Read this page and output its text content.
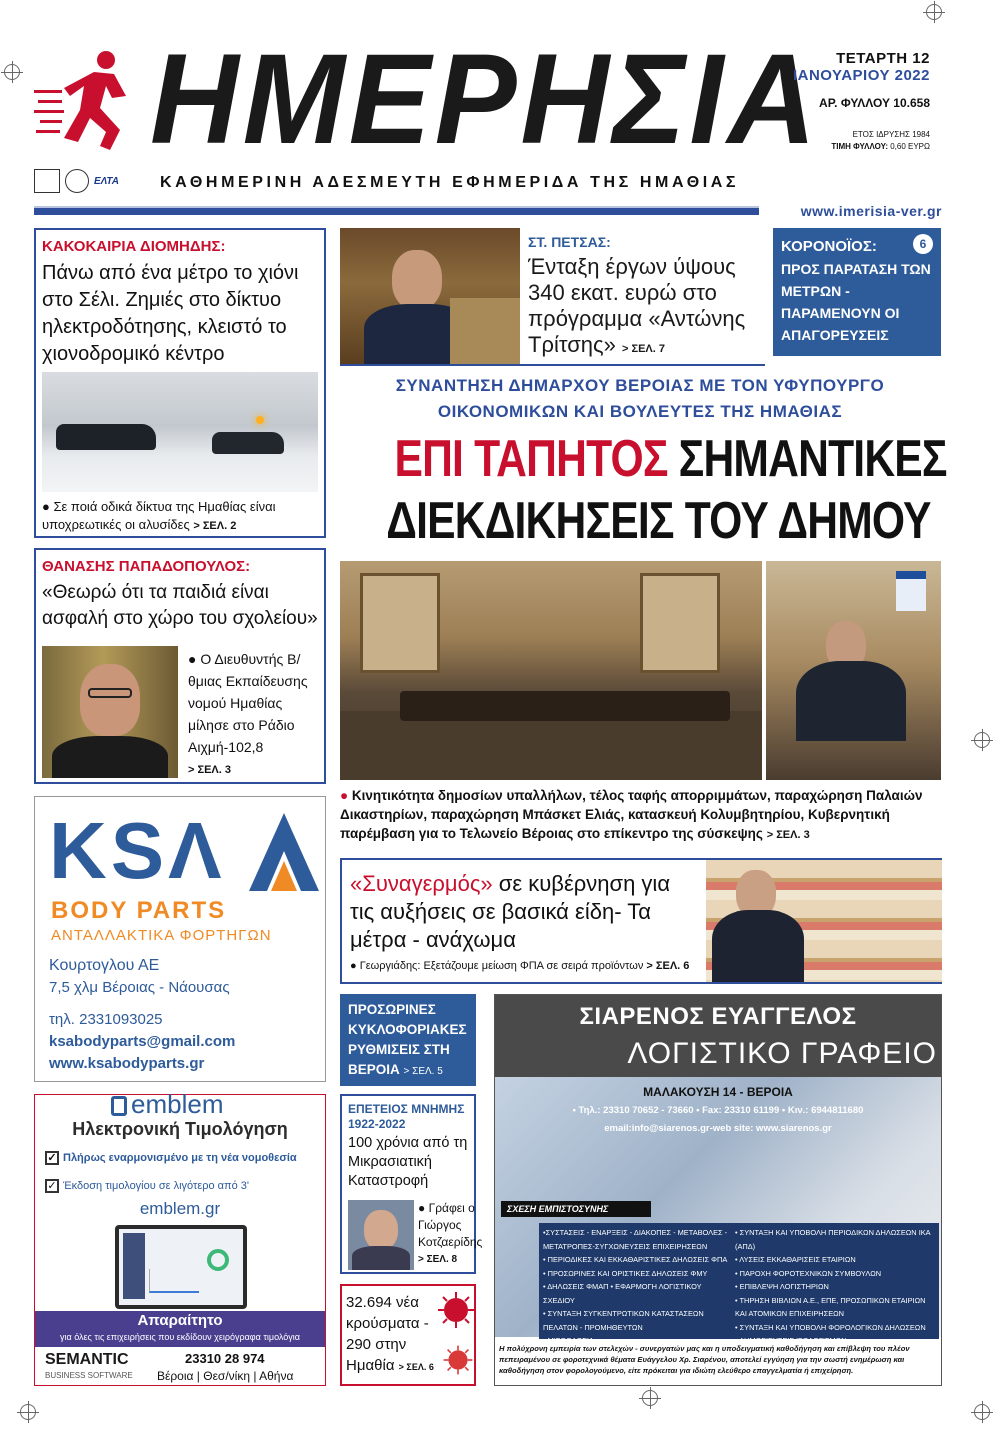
ΗΜΕΡΗΣΙΑ
ΕΛΤΑ	ΚΑΘΗΜΕΡΙΝΗ ΑΔΕΣΜΕΥΤΗ ΕΦΗΜΕΡΙΔΑ ΤΗΣ ΗΜΑΘΙΑΣ
ΤΕΤΑΡΤΗ 12
ΙΑΝΟΥΑΡΙΟΥ 2022
ΑΡ. ΦΥΛΛΟΥ 10.658
ΕΤΟΣ ΙΔΡΥΣΗΣ 1984
ΤΙΜΗ ΦΥΛΛΟΥ: 0,60 ΕΥΡΩ
www.imerisia-ver.gr
ΚΑΚΟΚΑΙΡΙΑ ΔΙΟΜΗΔΗΣ:
Πάνω από ένα μέτρο το χιόνι στο Σέλι. Ζημιές στο δίκτυο ηλεκτροδότησης, κλειστό το χιονοδρομικό κέντρο
● Σε ποιά οδικά δίκτυα της Ημαθίας είναι υποχρεωτικές οι αλυσίδες > ΣΕΛ. 2
ΘΑΝΑΣΗΣ ΠΑΠΑΔΟΠΟΥΛΟΣ:
«Θεωρώ ότι τα παιδιά είναι ασφαλή στο χώρο του σχολείου»
● Ο Διευθυντής Β/θμιας Εκπαίδευσης νομού Ημαθίας μίλησε στο Ράδιο Αιχμή-102,8
> ΣΕΛ. 3
KSΛ
BODY PARTS
ΑΝΤΑΛΛΑΚΤΙΚΑ ΦΟΡΤΗΓΩΝ
Κουρτογλου ΑΕ
7,5 χλμ Βέροιας - Νάουσας
τηλ. 2331093025
ksabodyparts@gmail.com
www.ksabodyparts.gr
emblem
Ηλεκτρονική Τιμολόγηση
✓ Πλήρως εναρμονισμένο με τη νέα νομοθεσία
✓ Έκδοση τιμολογίου σε λιγότερο από 3'
emblem.gr
Απαραίτητο
για όλες τις επιχειρήσεις που εκδίδουν χειρόγραφα τιμολόγια
SEMANTIC
BUSINESS SOFTWARE
23310 28 974
Βέροια | Θεσ/νίκη | Αθήνα
ΣΤ. ΠΕΤΣΑΣ:
Ένταξη έργων ύψους 340 εκατ. ευρώ στο πρόγραμμα «Αντώνης Τρίτσης» > ΣΕΛ. 7
ΚΟΡΟΝΟΪΟΣ:
ΠΡΟΣ ΠΑΡΑΤΑΣΗ ΤΩΝ ΜΕΤΡΩΝ - ΠΑΡΑΜΕΝΟΥΝ ΟΙ ΑΠΑΓΟΡΕΥΣΕΙΣ
6
ΣΥΝΑΝΤΗΣΗ ΔΗΜΑΡΧΟΥ ΒΕΡΟΙΑΣ ΜΕ ΤΟΝ ΥΦΥΠΟΥΡΓΟ
ΟΙΚΟΝΟΜΙΚΩΝ ΚΑΙ ΒΟΥΛΕΥΤΕΣ ΤΗΣ ΗΜΑΘΙΑΣ
ΕΠΙ ΤΑΠΗΤΟΣ ΣΗΜΑΝΤΙΚΕΣ
ΔΙΕΚΔΙΚΗΣΕΙΣ ΤΟΥ ΔΗΜΟΥ
● Κινητικότητα δημοσίων υπαλλήλων, τέλος ταφής απορριμμάτων, παραχώρηση Παλαιών Δικαστηρίων, παραχώρηση Μπάσκετ Ελιάς, κατασκευή Κολυμβητηρίου, Κυβερνητική παρέμβαση για το Τελωνείο Βέροιας στο επίκεντρο της σύσκεψης > ΣΕΛ. 3
«Συναγερμός» σε κυβέρνηση για τις αυξήσεις σε βασικά είδη- Τα μέτρα - ανάχωμα
● Γεωργιάδης: Εξετάζουμε μείωση ΦΠΑ σε σειρά προϊόντων > ΣΕΛ. 6
ΠΡΟΣΩΡΙΝΕΣ ΚΥΚΛΟΦΟΡΙΑΚΕΣ ΡΥΘΜΙΣΕΙΣ ΣΤΗ ΒΕΡΟΙΑ > ΣΕΛ. 5
ΕΠΕΤΕΙΟΣ ΜΝΗΜΗΣ
1922-2022
100 χρόνια από τη Μικρασιατική Καταστροφή
● Γράφει ο Γιώργος Κοτζαερίδης
> ΣΕΛ. 8
32.694 νέα κρούσματα - 290 στην Ημαθία > ΣΕΛ. 6
ΣΙΑΡΕΝΟΣ ΕΥΑΓΓΕΛΟΣ
ΛΟΓΙΣΤΙΚΟ ΓΡΑΦΕΙΟ
ΜΑΛΑΚΟΥΣΗ 14 - ΒΕΡΟΙΑ
• Τηλ.: 23310 70652 - 73660 • Fax: 23310 61199 • Κιν.: 6944811680
email:info@siarenos.gr-web site: www.siarenos.gr
ΣΧΕΣΗ ΕΜΠΙΣΤΟΣΥΝΗΣ
•ΣΥΣΤΑΣΕΙΣ - ΕΝΑΡΞΕΙΣ - ΔΙΑΚΟΠΕΣ - ΜΕΤΑΒΟΛΕΣ -
ΜΕΤΑΤΡΟΠΕΣ-ΣΥΓΧΩΝΕΥΣΕΙΣ ΕΠΙΧΕΙΡΗΣΕΩΝ
• ΠΕΡΙΟΔΙΚΕΣ ΚΑΙ ΕΚΚΑΘΑΡΙΣΤΙΚΕΣ ΔΗΛΩΣΕΙΣ ΦΠΑ
• ΠΡΟΣΩΡΙΝΕΣ ΚΑΙ ΟΡΙΣΤΙΚΕΣ ΔΗΛΩΣΕΙΣ ΦΜΥ
• ΔΗΛΩΣΕΙΣ ΦΜΑΠ • ΕΦΑΡΜΟΓΗ ΛΟΓΙΣΤΙΚΟΥ ΣΧΕΔΙΟΥ
• ΣΥΝΤΑΞΗ ΣΥΓΚΕΝΤΡΩΤΙΚΩΝ ΚΑΤΑΣΤΑΣΕΩΝ
ΠΕΛΑΤΩΝ - ΠΡΟΜΗΘΕΥΤΩΝ
• ΜΙΣΘΟΔΟΣΙΑ
• ΣΥΝΤΑΞΗ ΚΑΙ ΥΠΟΒΟΛΗ ΠΕΡΙΟΔΙΚΩΝ ΔΗΛΩΣΕΩΝ ΙΚΑ (ΑΠΔ)
• ΛΥΣΕΙΣ ΕΚΚΑΘΑΡΙΣΕΙΣ ΕΤΑΙΡΙΩΝ
• ΠΑΡΟΧΗ ΦΟΡΟΤΕΧΝΙΚΩΝ ΣΥΜΒΟΥΛΩΝ
• ΕΠΙΒΛΕΨΗ ΛΟΓΙΣΤΗΡΙΩΝ
• ΤΗΡΗΣΗ ΒΙΒΛΙΩΝ Α.Ε., ΕΠΕ, ΠΡΟΣΩΠΙΚΩΝ ΕΤΑΙΡΙΩΝ
ΚΑΙ ΑΤΟΜΙΚΩΝ ΕΠΙΧΕΙΡΗΣΕΩΝ
• ΣΥΝΤΑΞΗ ΚΑΙ ΥΠΟΒΟΛΗ ΦΟΡΟΛΟΓΙΚΩΝ ΔΗΛΩΣΕΩΝ
• ΔΗΜΟΣΙΕΥΣΕΙΣ ΙΣΟΛΟΓΙΣΜΩΝ
Η πολύχρονη εμπειρία των στελεχών - συνεργατών μας και η υποδειγματική καθοδήγηση και επίβλεψη του πλέον πεπειραμένου σε φοροτεχνικά θέματα Ευάγγελου Χρ. Σιαρένου, αποτελεί εγγύηση για την σωστή ενημέρωση και καθοδήγηση στον φορολογούμενο, είτε πρόκειται για ιδιώτη ελεύθερο επαγγελματία ή επιχείρηση.
